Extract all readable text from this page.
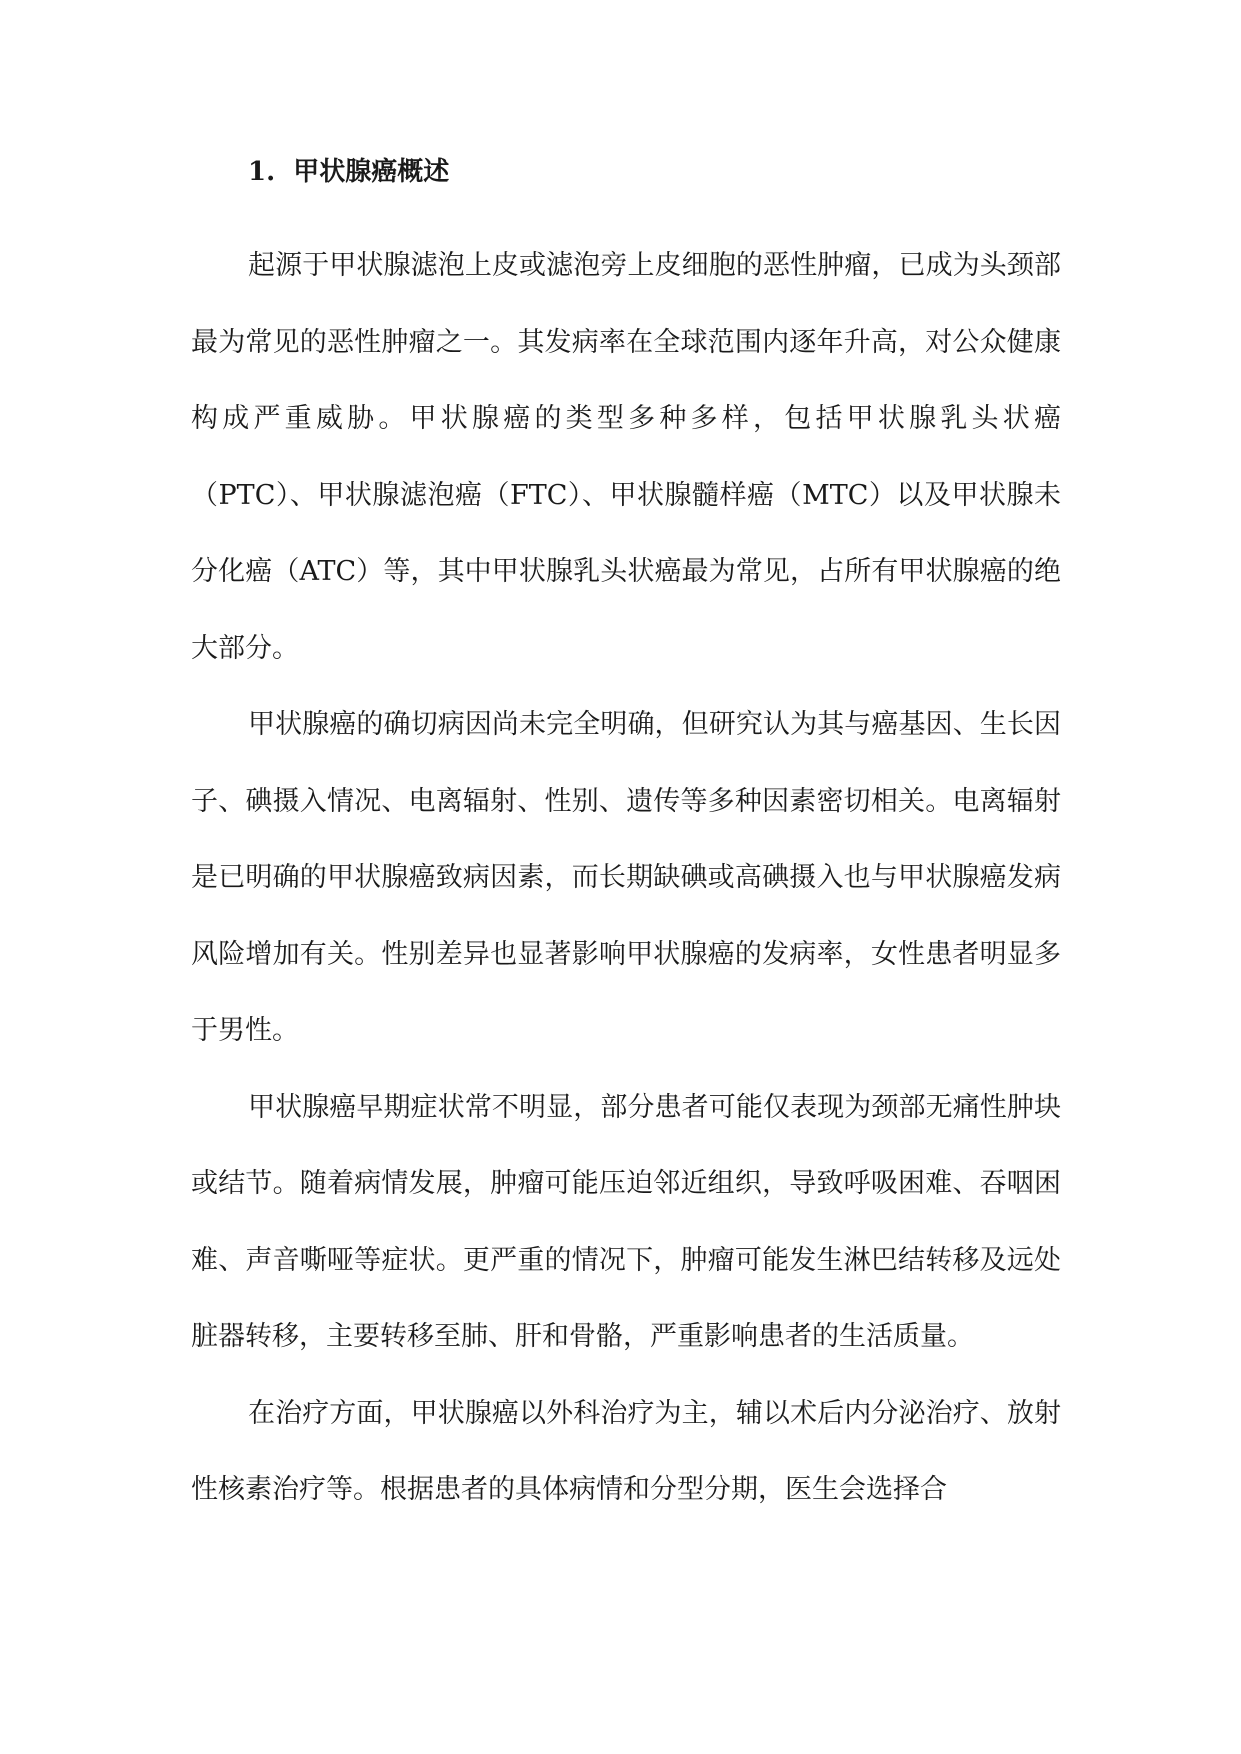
1. 甲状腺癌概述

起源于甲状腺滤泡上皮或滤泡旁上皮细胞的恶性肿瘤，已成为头颈部最为常见的恶性肿瘤之一。其发病率在全球范围内逐年升高，对公众健康构成严重威胁。甲状腺癌的类型多种多样，包括甲状腺乳头状癌（PTC）、甲状腺滤泡癌（FTC）、甲状腺髓样癌（MTC）以及甲状腺未分化癌（ATC）等，其中甲状腺乳头状癌最为常见，占所有甲状腺癌的绝大部分。

甲状腺癌的确切病因尚未完全明确，但研究认为其与癌基因、生长因子、碘摄入情况、电离辐射、性别、遗传等多种因素密切相关。电离辐射是已明确的甲状腺癌致病因素，而长期缺碘或高碘摄入也与甲状腺癌发病风险增加有关。性别差异也显著影响甲状腺癌的发病率，女性患者明显多于男性。

甲状腺癌早期症状常不明显，部分患者可能仅表现为颈部无痛性肿块或结节。随着病情发展，肿瘤可能压迫邻近组织，导致呼吸困难、吞咽困难、声音嘶哑等症状。更严重的情况下，肿瘤可能发生淋巴结转移及远处脏器转移，主要转移至肺、肝和骨骼，严重影响患者的生活质量。

在治疗方面，甲状腺癌以外科治疗为主，辅以术后内分泌治疗、放射性核素治疗等。根据患者的具体病情和分型分期，医生会选择合
